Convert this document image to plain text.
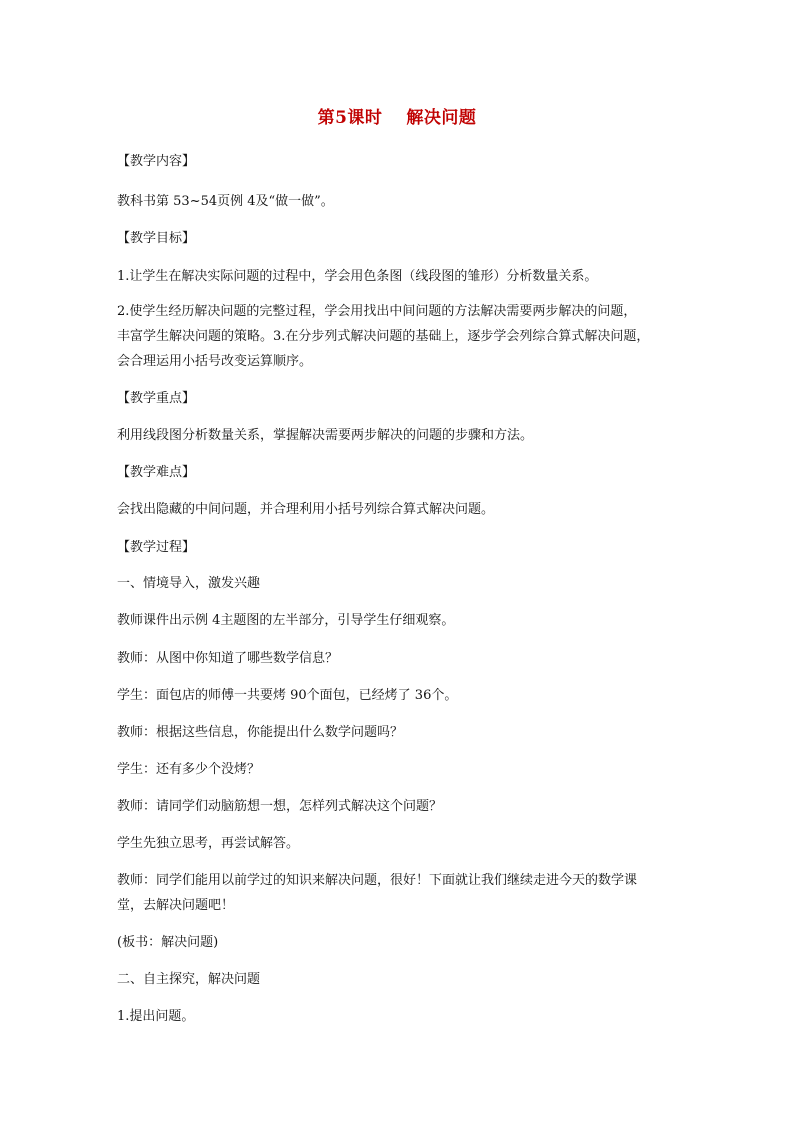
第5课时 解决问题
【教学内容】
教科书第 53~54页例 4及“做一做”。
【教学目标】
1.让学生在解决实际问题的过程中，学会用色条图（线段图的雏形）分析数量关系。
2.使学生经历解决问题的完整过程，学会用找出中间问题的方法解决需要两步解决的问题，
丰富学生解决问题的策略。3.在分步列式解决问题的基础上，逐步学会列综合算式解决问题，
会合理运用小括号改变运算顺序。
【教学重点】
利用线段图分析数量关系，掌握解决需要两步解决的问题的步骤和方法。
【教学难点】
会找出隐藏的中间问题，并合理利用小括号列综合算式解决问题。
【教学过程】
一、情境导入，激发兴趣
教师课件出示例 4主题图的左半部分，引导学生仔细观察。
教师：从图中你知道了哪些数学信息？
学生：面包店的师傅一共要烤 90个面包，已经烤了 36个。
教师：根据这些信息，你能提出什么数学问题吗？
学生：还有多少个没烤？
教师：请同学们动脑筋想一想，怎样列式解决这个问题？
学生先独立思考，再尝试解答。
教师：同学们能用以前学过的知识来解决问题，很好！下面就让我们继续走进今天的数学课
堂，去解决问题吧！
(板书：解决问题)
二、自主探究，解决问题
1.提出问题。
